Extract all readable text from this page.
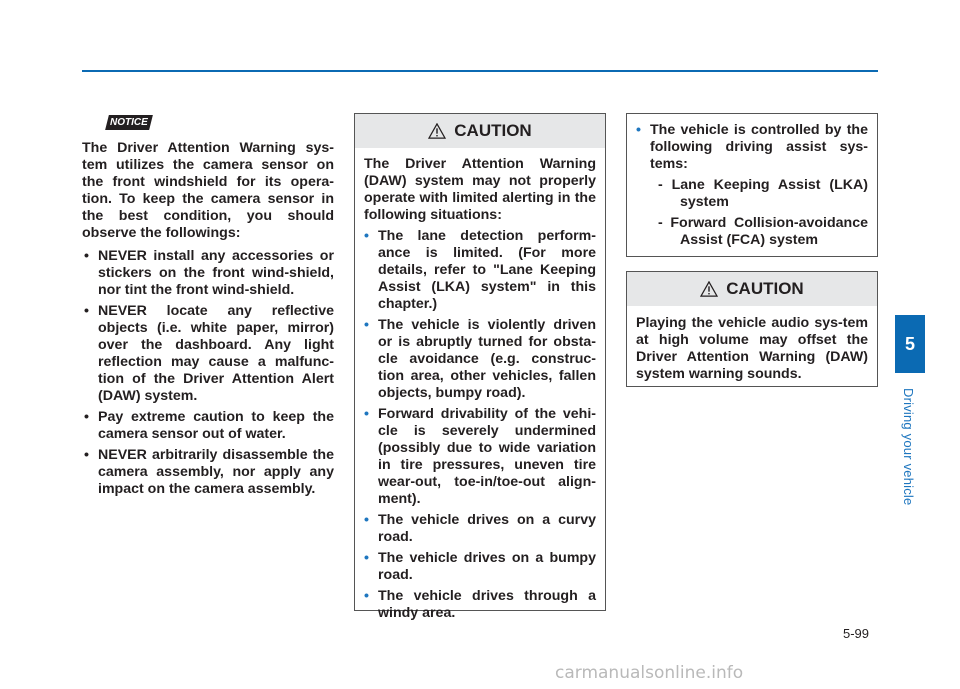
NOTICE

The Driver Attention Warning sys-tem utilizes the camera sensor on the front windshield for its opera-tion. To keep the camera sensor in the best condition, you should observe the followings:

• NEVER install any accessories or stickers on the front wind-shield, nor tint the front wind-shield.
• NEVER locate any reflective objects (i.e. white paper, mirror) over the dashboard. Any light reflection may cause a malfunc-tion of the Driver Attention Alert (DAW) system.
• Pay extreme caution to keep the camera sensor out of water.
• NEVER arbitrarily disassemble the camera assembly, nor apply any impact on the camera assembly.
CAUTION

The Driver Attention Warning (DAW) system may not properly operate with limited alerting in the following situations:

• The lane detection perform-ance is limited. (For more details, refer to "Lane Keeping Assist (LKA) system" in this chapter.)
• The vehicle is violently driven or is abruptly turned for obsta-cle avoidance (e.g. construc-tion area, other vehicles, fallen objects, bumpy road).
• Forward drivability of the vehi-cle is severely undermined (possibly due to wide variation in tire pressures, uneven tire wear-out, toe-in/toe-out align-ment).
• The vehicle drives on a curvy road.
• The vehicle drives on a bumpy road.
• The vehicle drives through a windy area.
• The vehicle is controlled by the following driving assist sys-tems:
- Lane Keeping Assist (LKA) system
- Forward Collision-avoidance Assist (FCA) system
CAUTION

Playing the vehicle audio sys-tem at high volume may offset the Driver Attention Warning (DAW) system warning sounds.

5
Driving your vehicle
5-99
carmanualsonline.info
